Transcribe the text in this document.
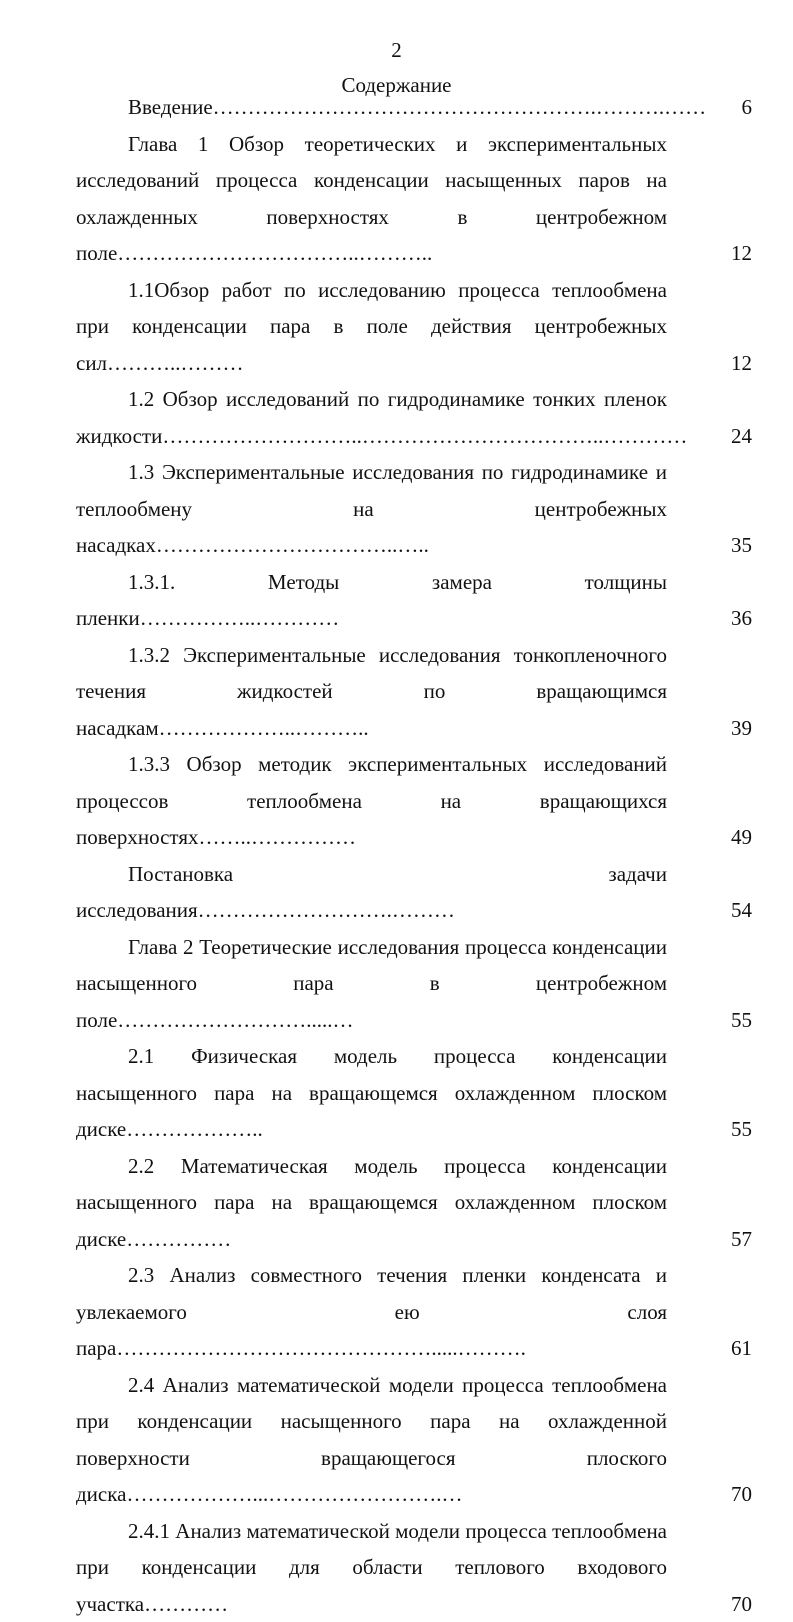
2
Содержание
Введение……………………………………………….……….……	6
Глава 1 Обзор теоретических и экспериментальных исследований процесса конденсации насыщенных паров на охлажденных поверхностях в центробежном поле……………………………..………..	12
1.1Обзор работ по исследованию процесса теплообмена при конденсации пара в поле действия центробежных сил………..………	12
1.2 Обзор исследований по гидродинамике тонких пленок жидкости………………………..……………………………..…………	24
1.3 Экспериментальные исследования по гидродинамике и теплообмену на центробежных насадках……………………………..…..	35
1.3.1. Методы замера толщины пленки……………..…………	36
1.3.2 Экспериментальные исследования тонкопленочного течения жидкостей по вращающимся насадкам………………..………..	39
1.3.3 Обзор методик экспериментальных исследований процессов теплообмена на вращающихся поверхностях……..……………	49
Постановка задачи исследования……………………….………	54
Глава 2 Теоретические исследования процесса конденсации насыщенного пара в центробежном поле……………………….....…	55
2.1 Физическая модель процесса конденсации насыщенного пара на вращающемся охлажденном плоском диске………………..	55
2.2 Математическая модель процесса конденсации насыщенного пара на вращающемся охлажденном плоском диске……………	57
2.3 Анализ совместного течения пленки конденсата и увлекаемого ею слоя пара……………………………………….....……….	61
2.4 Анализ математической модели процесса теплообмена при конденсации насыщенного пара на охлажденной поверхности вращающегося плоского диска………………...…………………….…	70
2.4.1 Анализ математической модели процесса теплообмена при конденсации для области теплового входового участка…………	70
